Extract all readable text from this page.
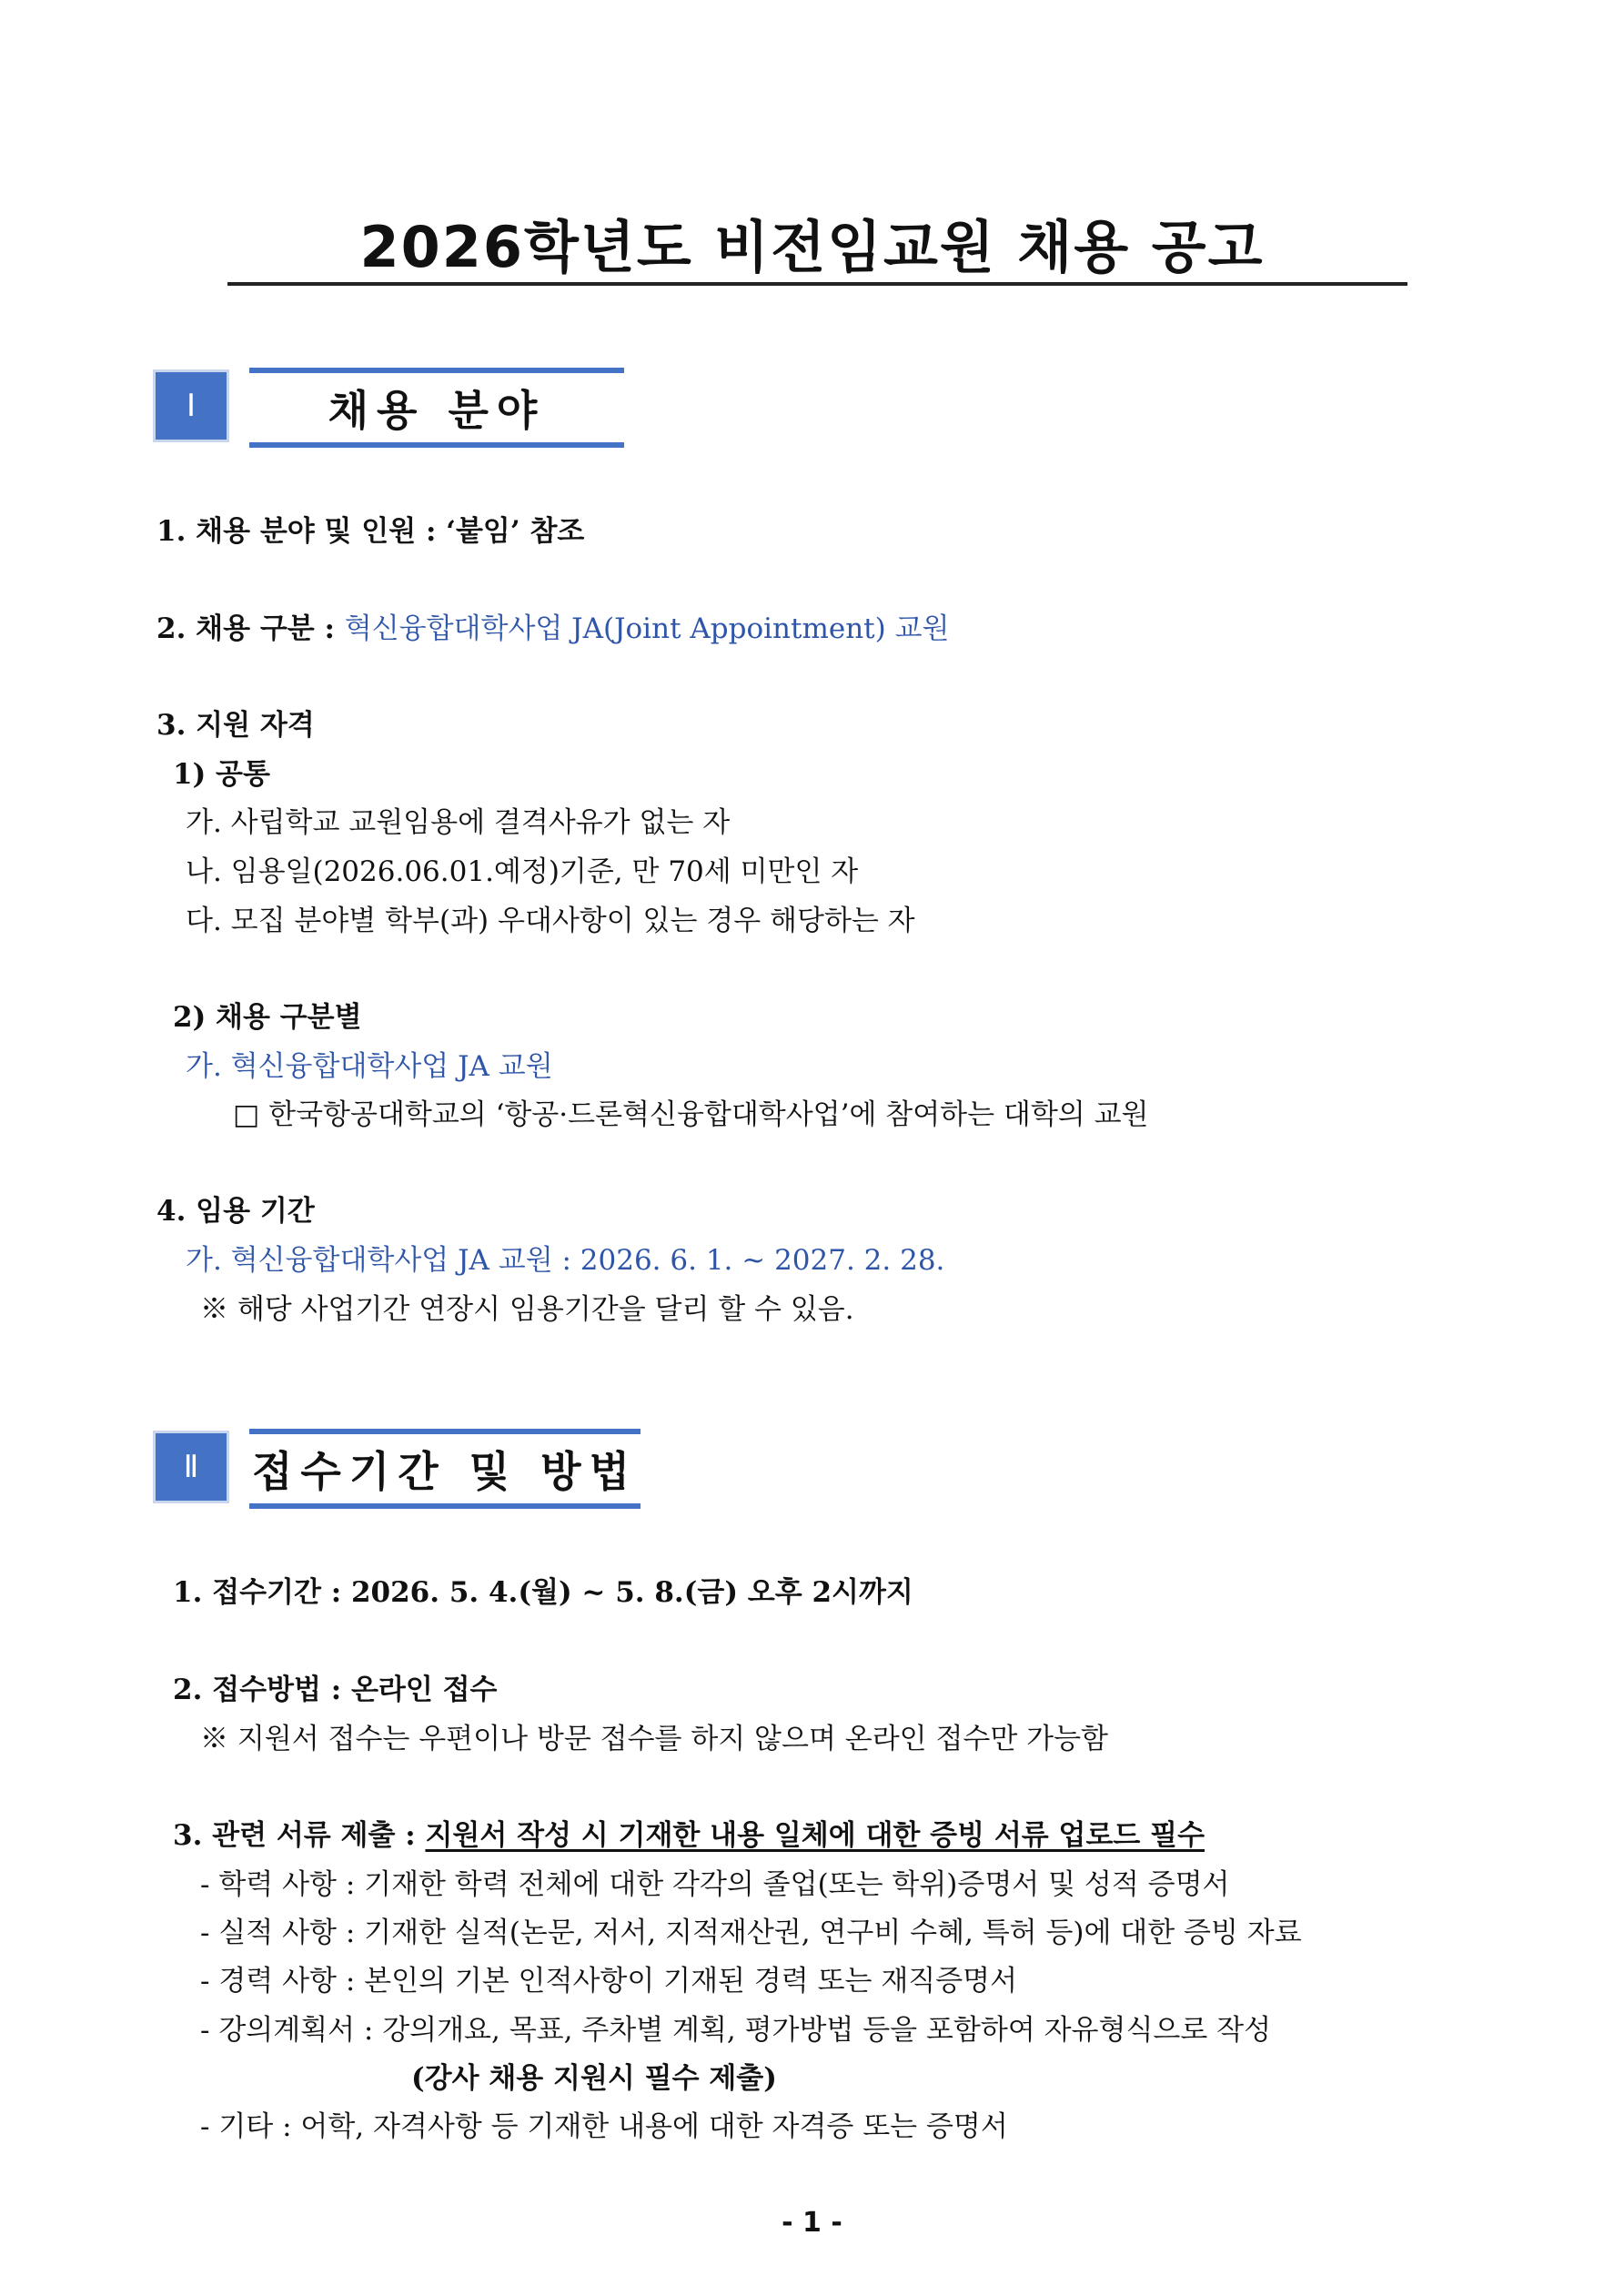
2026학년도 비전임교원 채용 공고
Ⅰ	채용 분야
1. 채용 분야 및 인원 : ‘붙임’ 참조
2. 채용 구분 : 혁신융합대학사업 JA(Joint Appointment) 교원
3. 지원 자격
1) 공통
가. 사립학교 교원임용에 결격사유가 없는 자
나. 임용일(2026.06.01.예정)기준, 만 70세 미만인 자
다. 모집 분야별 학부(과) 우대사항이 있는 경우 해당하는 자
2) 채용 구분별
가. 혁신융합대학사업 JA 교원
□ 한국항공대학교의 ‘항공·드론혁신융합대학사업’에 참여하는 대학의 교원
4. 임용 기간
가. 혁신융합대학사업 JA 교원 : 2026. 6. 1. ~ 2027. 2. 28.
※ 해당 사업기간 연장시 임용기간을 달리 할 수 있음.
Ⅱ	접수기간 및 방법
1. 접수기간 : 2026. 5. 4.(월) ~ 5. 8.(금) 오후 2시까지
2. 접수방법 : 온라인 접수
※ 지원서 접수는 우편이나 방문 접수를 하지 않으며 온라인 접수만 가능함
3. 관련 서류 제출 : 지원서 작성 시 기재한 내용 일체에 대한 증빙 서류 업로드 필수
- 학력 사항 : 기재한 학력 전체에 대한 각각의 졸업(또는 학위)증명서 및 성적 증명서
- 실적 사항 : 기재한 실적(논문, 저서, 지적재산권, 연구비 수혜, 특허 등)에 대한 증빙 자료
- 경력 사항 : 본인의 기본 인적사항이 기재된 경력 또는 재직증명서
- 강의계획서 : 강의개요, 목표, 주차별 계획, 평가방법 등을 포함하여 자유형식으로 작성
(강사 채용 지원시 필수 제출)
- 기타 : 어학, 자격사항 등 기재한 내용에 대한 자격증 또는 증명서
- 1 -
